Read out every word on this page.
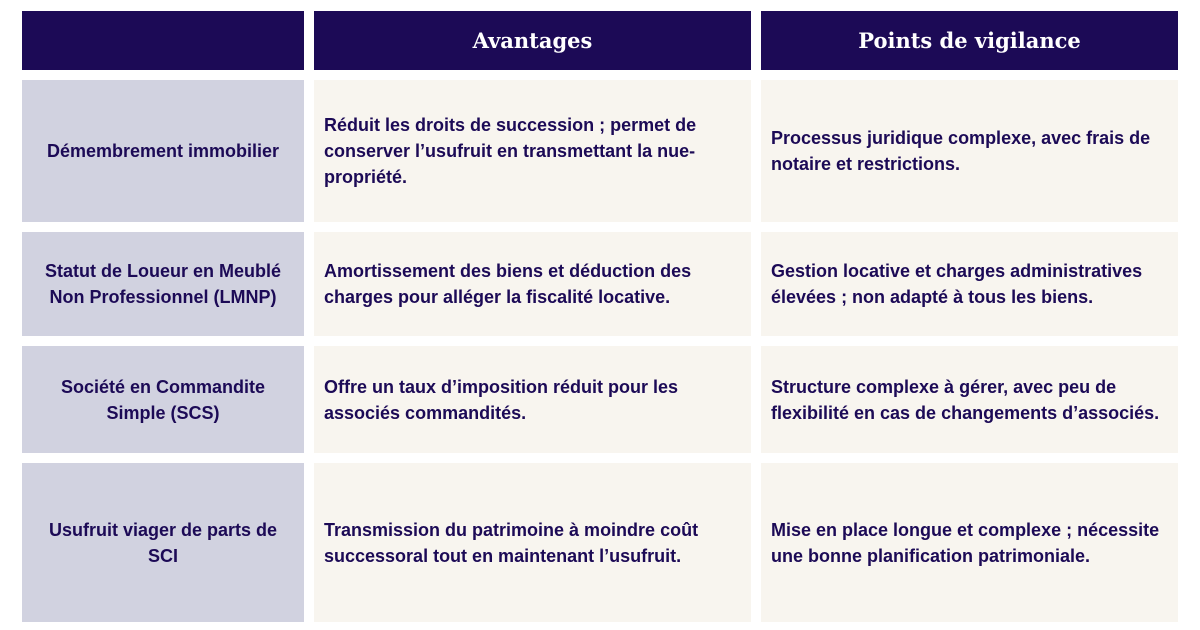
Avantages	Points de vigilance
Démembrement immobilier
Réduit les droits de succession ; permet de conserver l’usufruit en transmettant la nue-propriété.
Processus juridique complexe, avec frais de notaire et restrictions.
Statut de Loueur en Meublé Non Professionnel (LMNP)
Amortissement des biens et déduction des charges pour alléger la fiscalité locative.
Gestion locative et charges administratives élevées ; non adapté à tous les biens.
Société en Commandite Simple (SCS)
Offre un taux d’imposition réduit pour les associés commandités.
Structure complexe à gérer, avec peu de flexibilité en cas de changements d’associés.
Usufruit viager de parts de SCI
Transmission du patrimoine à moindre coût successoral tout en maintenant l’usufruit.
Mise en place longue et complexe ; nécessite une bonne planification patrimoniale.
